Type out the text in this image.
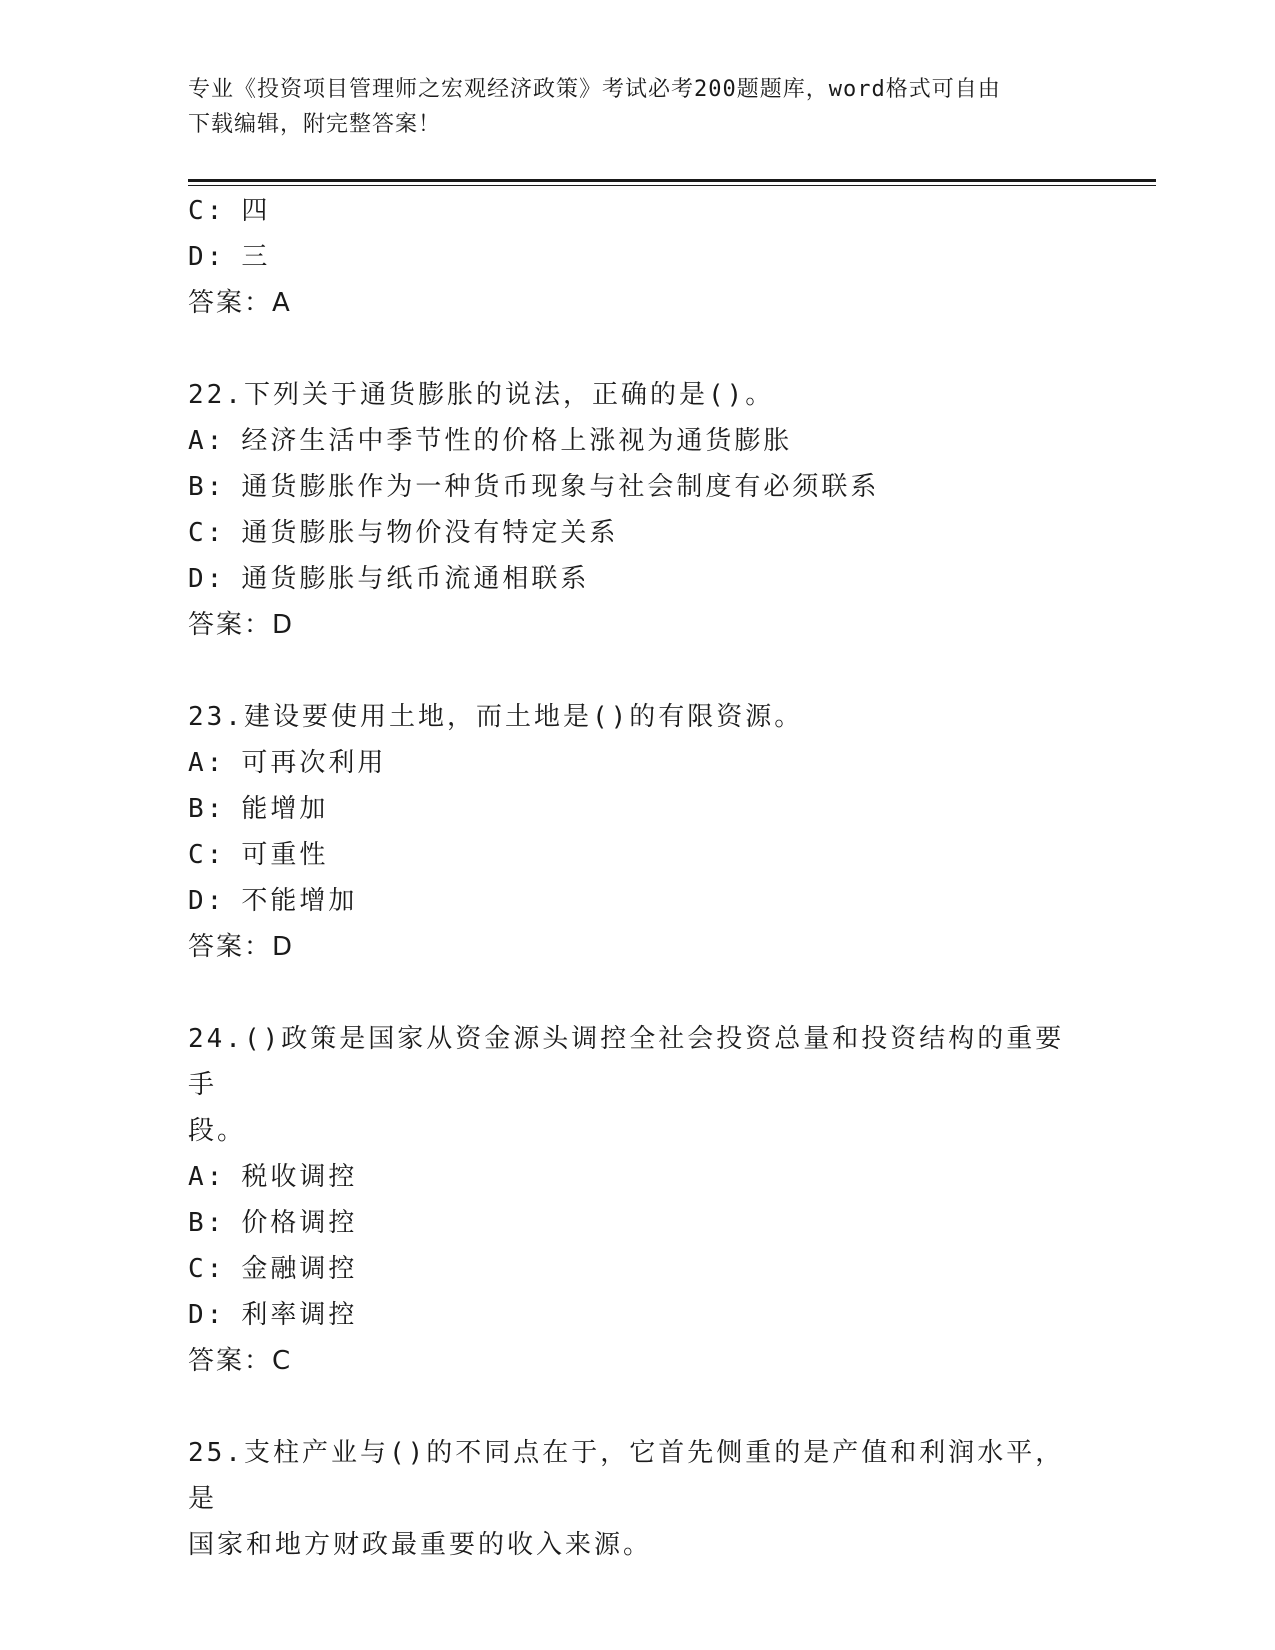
专业《投资项目管理师之宏观经济政策》考试必考200题题库，word格式可自由
下载编辑，附完整答案！
C: 四
D: 三
答案：A
22.下列关于通货膨胀的说法，正确的是()。
A: 经济生活中季节性的价格上涨视为通货膨胀
B: 通货膨胀作为一种货币现象与社会制度有必须联系
C: 通货膨胀与物价没有特定关系
D: 通货膨胀与纸币流通相联系
答案：D
23.建设要使用土地，而土地是()的有限资源。
A: 可再次利用
B: 能增加
C: 可重性
D: 不能增加
答案：D
24.()政策是国家从资金源头调控全社会投资总量和投资结构的重要手
段。
A: 税收调控
B: 价格调控
C: 金融调控
D: 利率调控
答案：C
25.支柱产业与()的不同点在于，它首先侧重的是产值和利润水平，是
国家和地方财政最重要的收入来源。
